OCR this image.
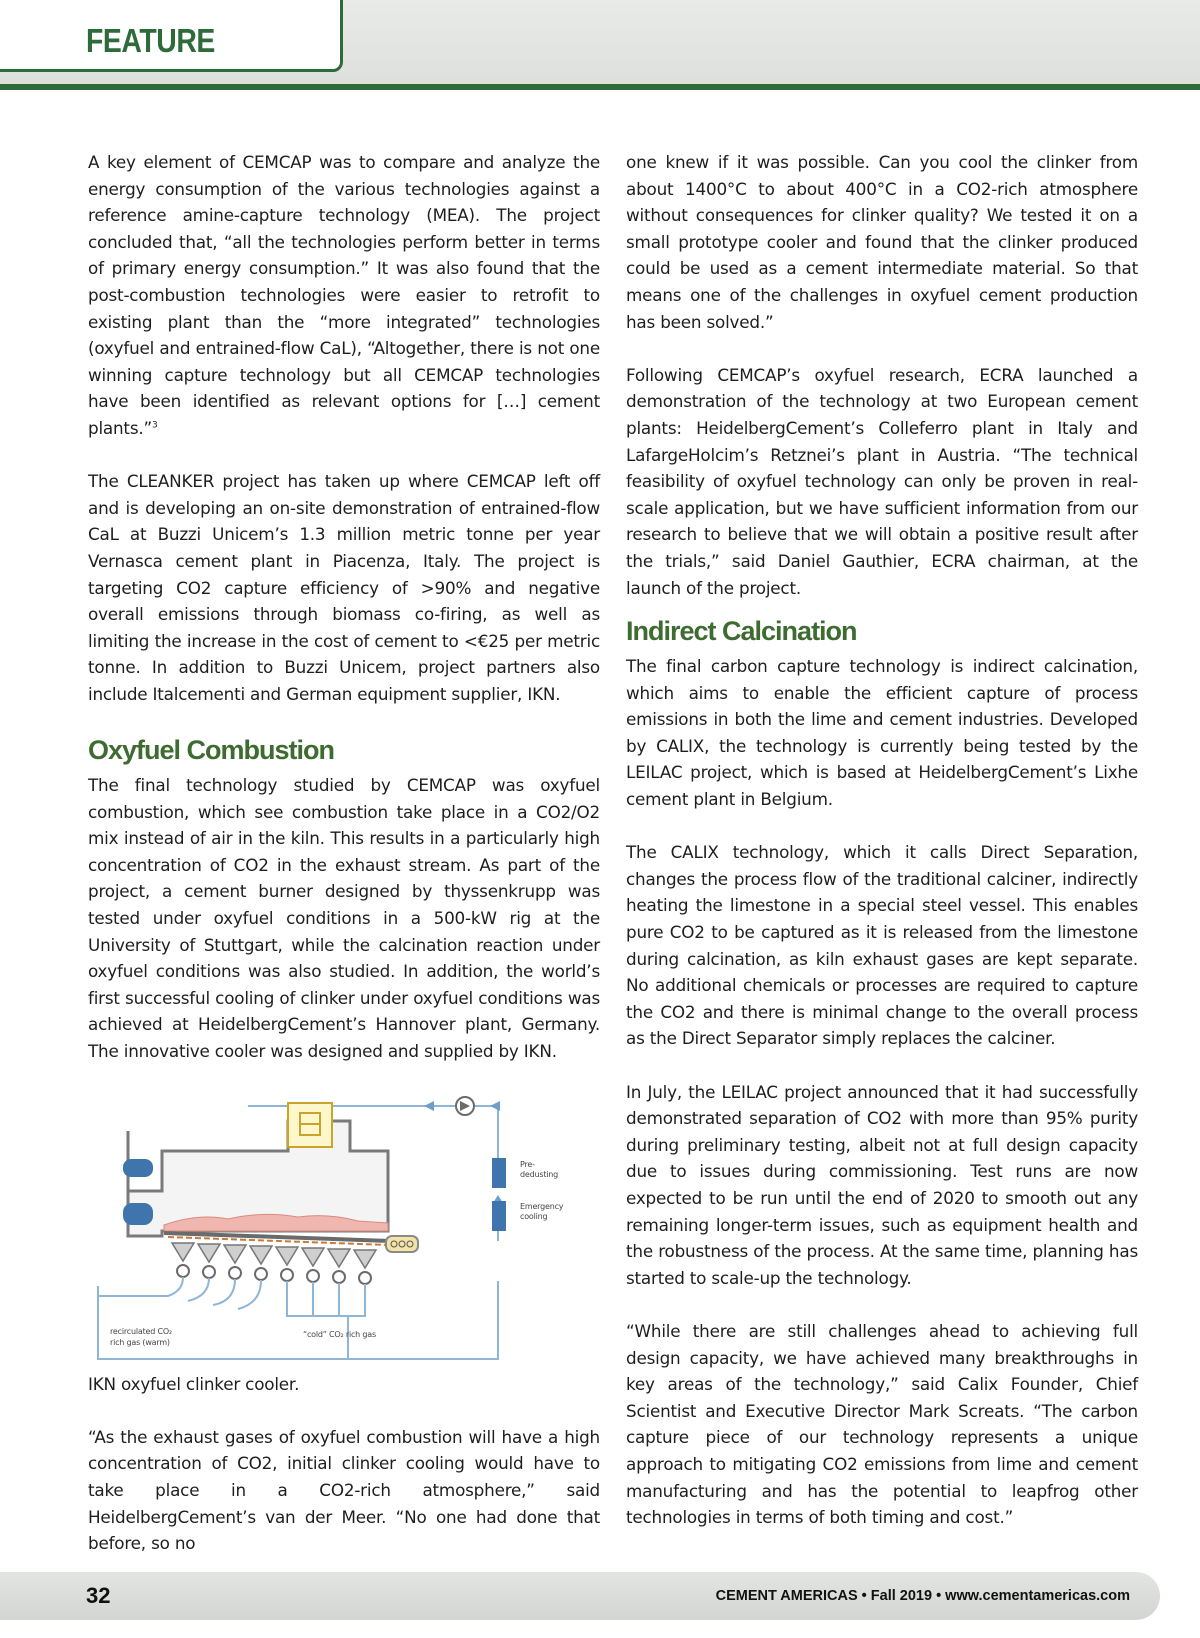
FEATURE

A key element of CEMCAP was to compare and analyze the energy consumption of the various technologies against a reference amine-capture technology (MEA). The project concluded that, “all the technologies perform better in terms of primary energy consumption.” It was also found that the post-combustion technologies were easier to retrofit to existing plant than the “more integrated” technologies (oxyfuel and entrained-flow CaL), “Altogether, there is not one winning capture technology but all CEMCAP technologies have been identified as relevant options for […] cement plants.”$^3$

The CLEANKER project has taken up where CEMCAP left off and is developing an on-site demonstration of entrained-flow CaL at Buzzi Unicem’s 1.3 million metric tonne per year Vernasca cement plant in Piacenza, Italy. The project is targeting CO2 capture efficiency of >90% and negative overall emissions through biomass co-firing, as well as limiting the increase in the cost of cement to <€25 per metric tonne. In addition to Buzzi Unicem, project partners also include Italcementi and German equipment supplier, IKN.

Oxyfuel Combustion

The final technology studied by CEMCAP was oxyfuel combustion, which see combustion take place in a CO2/O2 mix instead of air in the kiln. This results in a particularly high concentration of CO2 in the exhaust stream. As part of the project, a cement burner designed by thyssenkrupp was tested under oxyfuel conditions in a 500-kW rig at the University of Stuttgart, while the calcination reaction under oxyfuel conditions was also studied. In addition, the world’s first successful cooling of clinker under oxyfuel conditions was achieved at HeidelbergCement’s Hannover plant, Germany. The innovative cooler was designed and supplied by IKN.

Pre-
dedusting
Emergency
cooling
recirculated CO₂
rich gas (warm)
“cold” CO₂ rich gas

IKN oxyfuel clinker cooler.

“As the exhaust gases of oxyfuel combustion will have a high concentration of CO2, initial clinker cooling would have to take place in a CO2-rich atmosphere,” said HeidelbergCement’s van der Meer. “No one had done that before, so no

one knew if it was possible. Can you cool the clinker from about 1400°C to about 400°C in a CO2-rich atmosphere without consequences for clinker quality? We tested it on a small prototype cooler and found that the clinker produced could be used as a cement intermediate material. So that means one of the challenges in oxyfuel cement production has been solved.”

Following CEMCAP’s oxyfuel research, ECRA launched a demonstration of the technology at two European cement plants: HeidelbergCement’s Colleferro plant in Italy and LafargeHolcim’s Retznei’s plant in Austria. “The technical feasibility of oxyfuel technology can only be proven in real-scale application, but we have sufficient information from our research to believe that we will obtain a positive result after the trials,” said Daniel Gauthier, ECRA chairman, at the launch of the project.

Indirect Calcination

The final carbon capture technology is indirect calcination, which aims to enable the efficient capture of process emissions in both the lime and cement industries. Developed by CALIX, the technology is currently being tested by the LEILAC project, which is based at HeidelbergCement’s Lixhe cement plant in Belgium.

The CALIX technology, which it calls Direct Separation, changes the process flow of the traditional calciner, indirectly heating the limestone in a special steel vessel. This enables pure CO2 to be captured as it is released from the limestone during calcination, as kiln exhaust gases are kept separate. No additional chemicals or processes are required to capture the CO2 and there is minimal change to the overall process as the Direct Separator simply replaces the calciner.

In July, the LEILAC project announced that it had successfully demonstrated separation of CO2 with more than 95% purity during preliminary testing, albeit not at full design capacity due to issues during commissioning. Test runs are now expected to be run until the end of 2020 to smooth out any remaining longer-term issues, such as equipment health and the robustness of the process. At the same time, planning has started to scale-up the technology.

“While there are still challenges ahead to achieving full design capacity, we have achieved many breakthroughs in key areas of the technology,” said Calix Founder, Chief Scientist and Executive Director Mark Screats. “The carbon capture piece of our technology represents a unique approach to mitigating CO2 emissions from lime and cement manufacturing and has the potential to leapfrog other technologies in terms of both timing and cost.”

32	CEMENT AMERICAS • Fall 2019 • www.cementamericas.com
